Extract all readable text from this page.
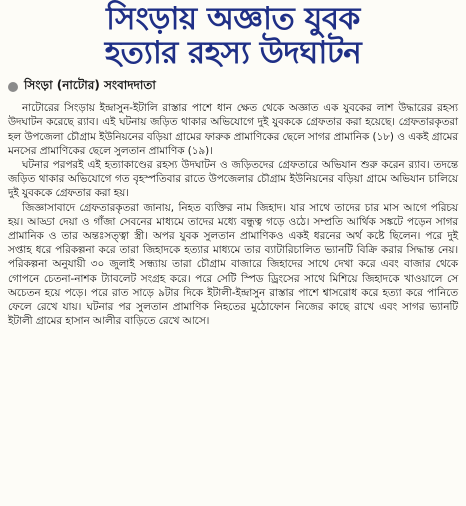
সিংড়ায় অজ্ঞাত যুবক
হত্যার রহস্য উদঘাটন
সিংড়া (নাটোর) সংবাদদাতা

নাটোরের সিংড়ায় ইন্দ্রাসুন-ইটালি রাস্তার পাশে ধান ক্ষেত থেকে অজ্ঞাত এক যুবকের লাশ উদ্ধারের রহস্য উদঘাটন করেছে র‌্যাব। এই ঘটনায় জড়িত থাকার অভিযোগে দুই যুবককে গ্রেফতার করা হয়েছে। গ্রেফতারকৃতরা হল উপজেলা চৌগ্রাম ইউনিয়নের বড়িয়া গ্রামের ফারুক প্রামাণিকের ছেলে সাগর প্রামানিক (১৮) ও একই গ্রামের মনসের প্রামাণিকের ছেলে সুলতান প্রামাণিক (১৯)।

ঘটনার পরপরই এই হত্যাকাণ্ডের রহস্য উদঘাটন ও জড়িতদের গ্রেফতারে অভিযান শুরু করেন র‌্যাব। তদন্তে জড়িত থাকার অভিযোগে গত বৃহস্পতিবার রাতে উপজেলার চৌগ্রাম ইউনিয়নের বড়িয়া গ্রামে অভিযান চালিয়ে দুই যুবককে গ্রেফতার করা হয়।

জিজ্ঞাসাবাদে গ্রেফতারকৃতরা জানায়, নিহত ব্যক্তির নাম জিহাদ। যার সাথে তাদের চার মাস আগে পরিচয় হয়। আড্ডা দেয়া ও গাঁজা সেবনের মাধ্যমে তাদের মধ্যে বন্ধুত্ব গড়ে ওঠে। সম্প্রতি আর্থিক সঙ্কটে পড়েন সাগর প্রামানিক ও তার অন্তঃসত্ত্বা স্ত্রী। অপর যুবক সুলতান প্রামাণিকও একই ধরনের অর্থ কষ্টে ছিলেন। পরে দুই সপ্তাহ ধরে পরিকল্পনা করে তারা জিহাদকে হত্যার মাধ্যমে তার ব্যাটারিচালিত ভ্যানটি বিক্রি করার সিদ্ধান্ত নেয়। পরিকল্পনা অনুযায়ী ৩০ জুলাই সন্ধ্যায় তারা চৌগ্রাম বাজারে জিহাদের সাথে দেখা করে এবং বাজার থেকে গোপনে চেতনা-নাশক ট্যাবলেট সংগ্রহ করে। পরে সেটি স্পিড ড্রিংসের সাথে মিশিয়ে জিহাদকে খাওয়ালে সে অচেতন হয়ে পড়ে। পরে রাত সাড়ে ৯টার দিকে ইটালী-ইন্দ্রাসুন রাস্তার পাশে শ্বাসরোধ করে হত্যা করে পানিতে ফেলে রেখে যায়। ঘটনার পর সুলতান প্রামাণিক নিহতের মুঠোফোন নিজের কাছে রাখে এবং সাগর ভ্যানটি ইটালী গ্রামের হাসান আলীর বাড়িতে রেখে আসে।
